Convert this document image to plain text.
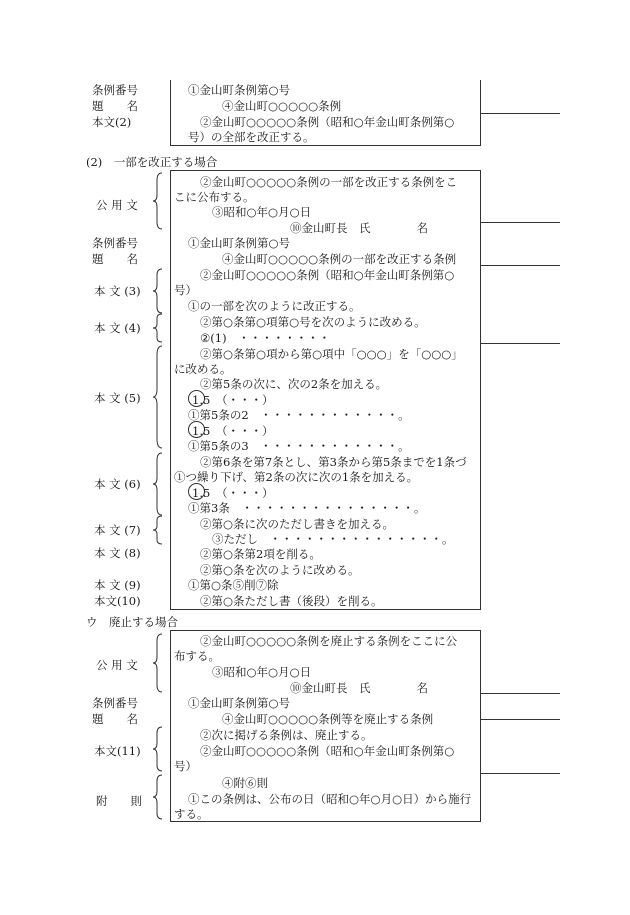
条例番号
題　　名
本文(2)
①金山町条例第○号
④金山町○○○○○条例
②金山町○○○○○条例（昭和○年金山町条例第○
号）の全部を改正する。
(2)　一部を改正する場合
公 用 文
条例番号
題　　名
本 文 (3)
本 文 (4)
本 文 (5)
本 文 (6)
本 文 (7)
本 文 (8)
本 文 (9)
本文(10)
②金山町○○○○○条例の一部を改正する条例をこ
こに公布する。
③昭和○年○月○日
⑩金山町長　氏　　　　名
①金山町条例第○号
④金山町○○○○○条例の一部を改正する条例
②金山町○○○○○条例（昭和○年金山町条例第○
号）
①の一部を次のように改正する。
②第○条第○項第○号を次のように改める。
②(1)　・・・・・・・・
②第○条第○項から第○項中「○○○」を「○○○」
に改める。
②第5条の次に、次の2条を加える。
1.5　（・・・）
①第5条の2　・・・・・・・・・・・・。
1.5　（・・・）
①第5条の3　・・・・・・・・・・・・。
②第6条を第7条とし、第3条から第5条までを1条づ
①つ繰り下げ、第2条の次に次の1条を加える。
1.5　（・・・）
①第3条　・・・・・・・・・・・・・・・。
②第○条に次のただし書きを加える。
③ただし　・・・・・・・・・・・・・・・。
②第○条第2項を削る。
②第○条を次のように改める。
①第○条⑤削⑦除
②第○条ただし書（後段）を削る。
ウ　廃止する場合
公 用 文
条例番号
題　　名
本文(11)
附　　則
②金山町○○○○○条例を廃止する条例をここに公
布する。
③昭和○年○月○日
⑩金山町長　氏　　　　名
①金山町条例第○号
④金山町○○○○○条例等を廃止する条例
②次に掲げる条例は、廃止する。
②金山町○○○○○条例（昭和○年金山町条例第○
号）
④附⑥則
①この条例は、公布の日（昭和○年○月○日）から施行
する。
